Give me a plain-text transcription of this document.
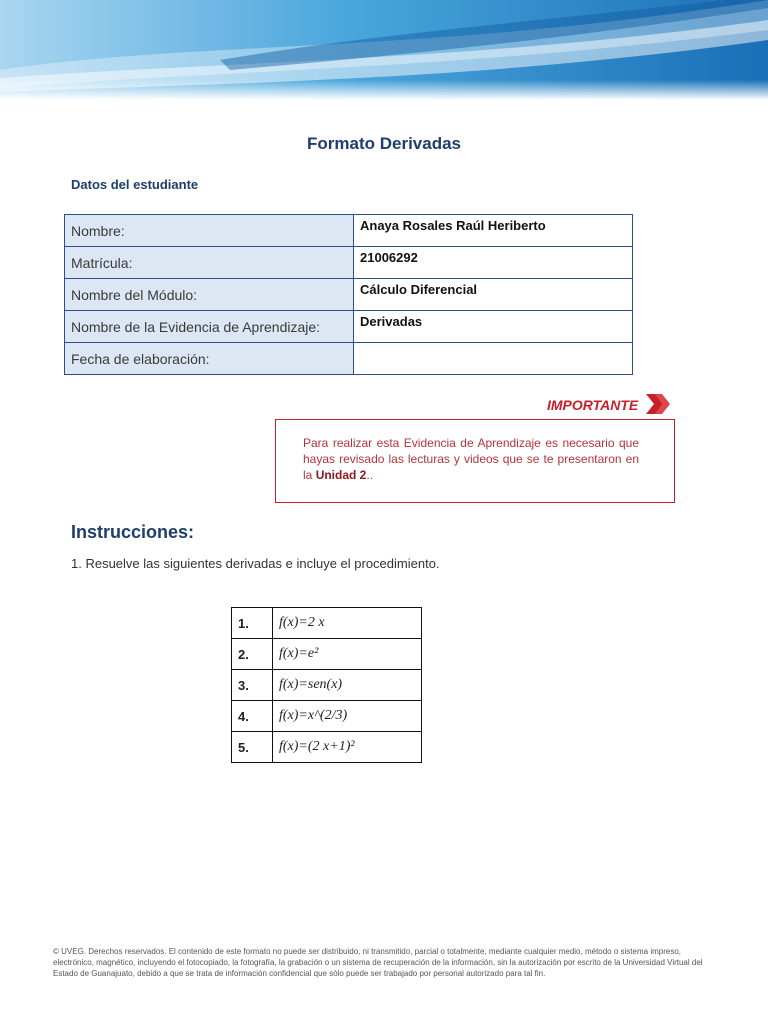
Formato Derivadas
Datos del estudiante
Nombre:	Anaya Rosales Raúl Heriberto
Matrícula:	21006292
Nombre del Módulo:	Cálculo Diferencial
Nombre de la Evidencia de Aprendizaje:	Derivadas
Fecha de elaboración:	
IMPORTANTE
Para realizar esta Evidencia de Aprendizaje es necesario que hayas revisado las lecturas y videos que se te presentaron en la Unidad 2..
Instrucciones:
1. Resuelve las siguientes derivadas e incluye el procedimiento.
1.	f(x)=2 x
2.	f(x)=e²
3.	f(x)=sen(x)
4.	f(x)=x^(2/3)
5.	f(x)=(2 x+1)²
© UVEG. Derechos reservados. El contenido de este formato no puede ser distribuido, ni transmitido, parcial o totalmente, mediante cualquier medio, método o sistema impreso, electrónico, magnético, incluyendo el fotocopiado, la fotografía, la grabación o un sistema de recuperación de la información, sin la autorización por escrito de la Universidad Virtual del Estado de Guanajuato, debido a que se trata de información confidencial que sólo puede ser trabajado por personal autorizado para tal fin.
